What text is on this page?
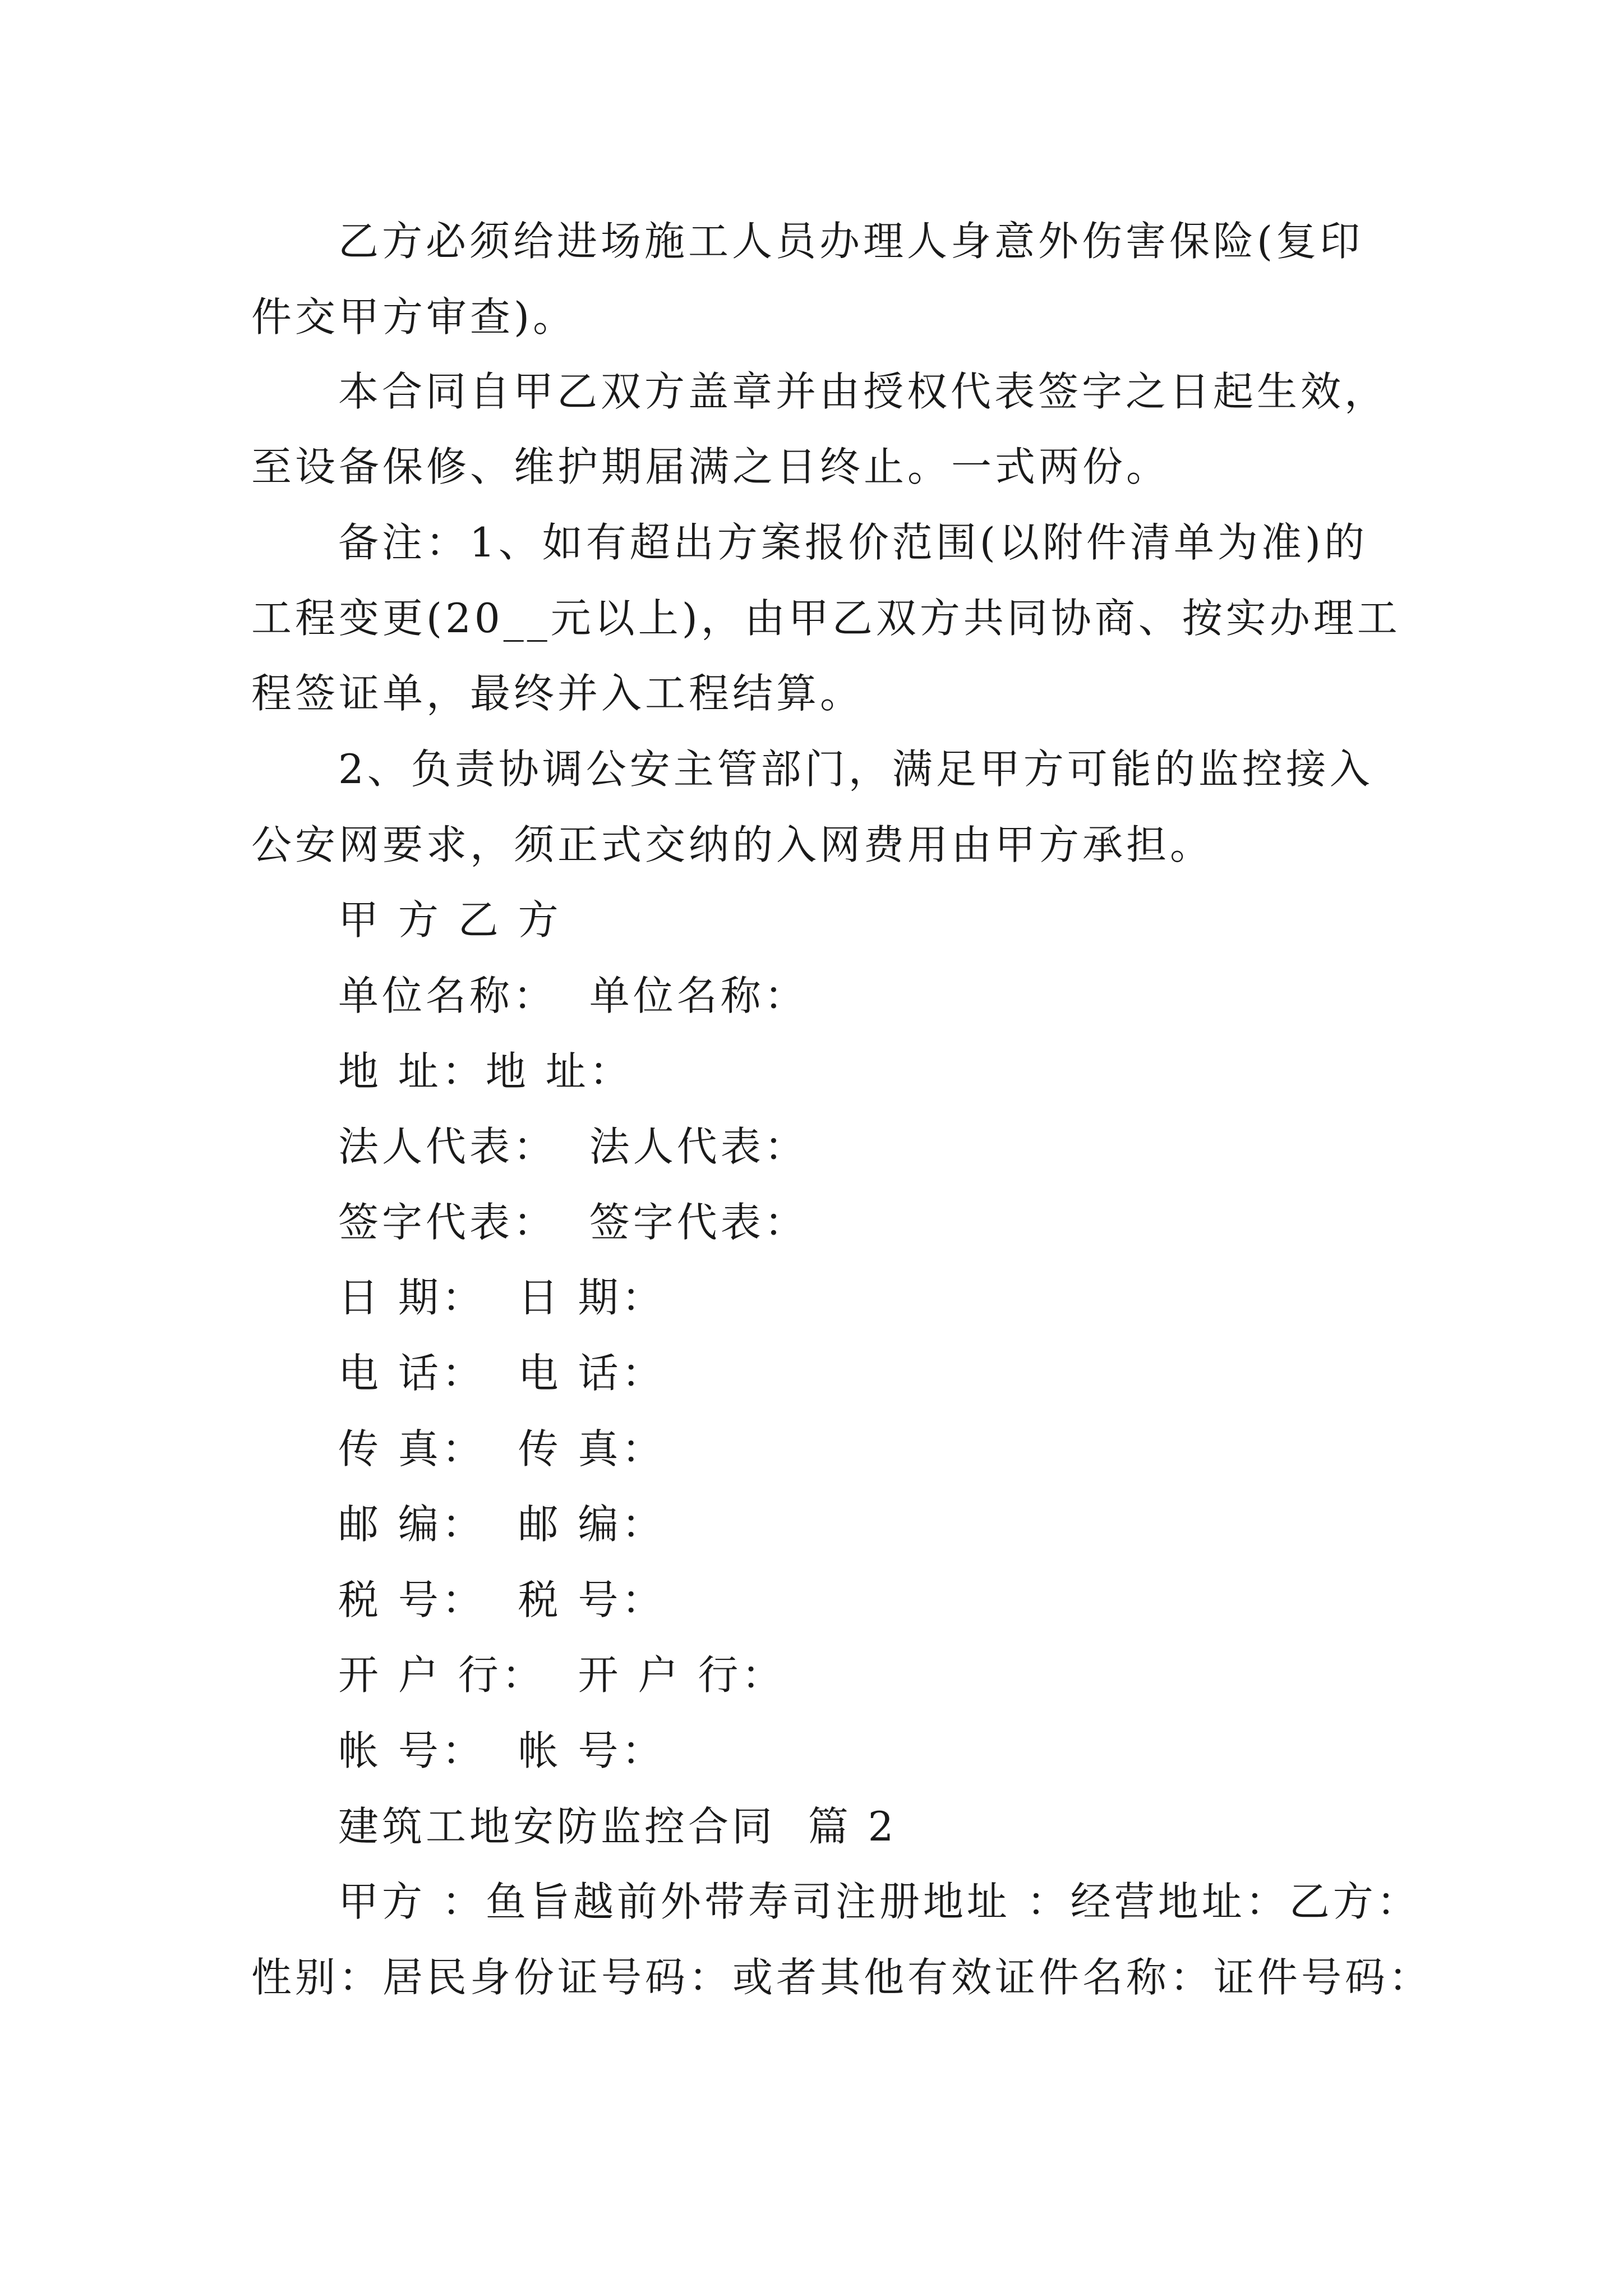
乙方必须给进场施工人员办理人身意外伤害保险(复印
件交甲方审查)。
本合同自甲乙双方盖章并由授权代表签字之日起生效，
至设备保修、维护期届满之日终止。一式两份。
备注：1、如有超出方案报价范围(以附件清单为准)的
工程变更(20__元以上)，由甲乙双方共同协商、按实办理工
程签证单，最终并入工程结算。
2、负责协调公安主管部门，满足甲方可能的监控接入
公安网要求，须正式交纳的入网费用由甲方承担。
甲 方 乙 方
单位名称：  单位名称：
地 址：地 址：
法人代表：  法人代表：
签字代表：  签字代表：
日 期：  日 期：
电 话：  电 话：
传 真：  传 真：
邮 编：  邮 编：
税 号：  税 号：
开 户 行：  开 户 行：
帐 号：  帐 号：
建筑工地安防监控合同  篇 2
甲方 ：鱼旨越前外带寿司注册地址 ：经营地址：乙方：
性别：居民身份证号码：或者其他有效证件名称：证件号码：
